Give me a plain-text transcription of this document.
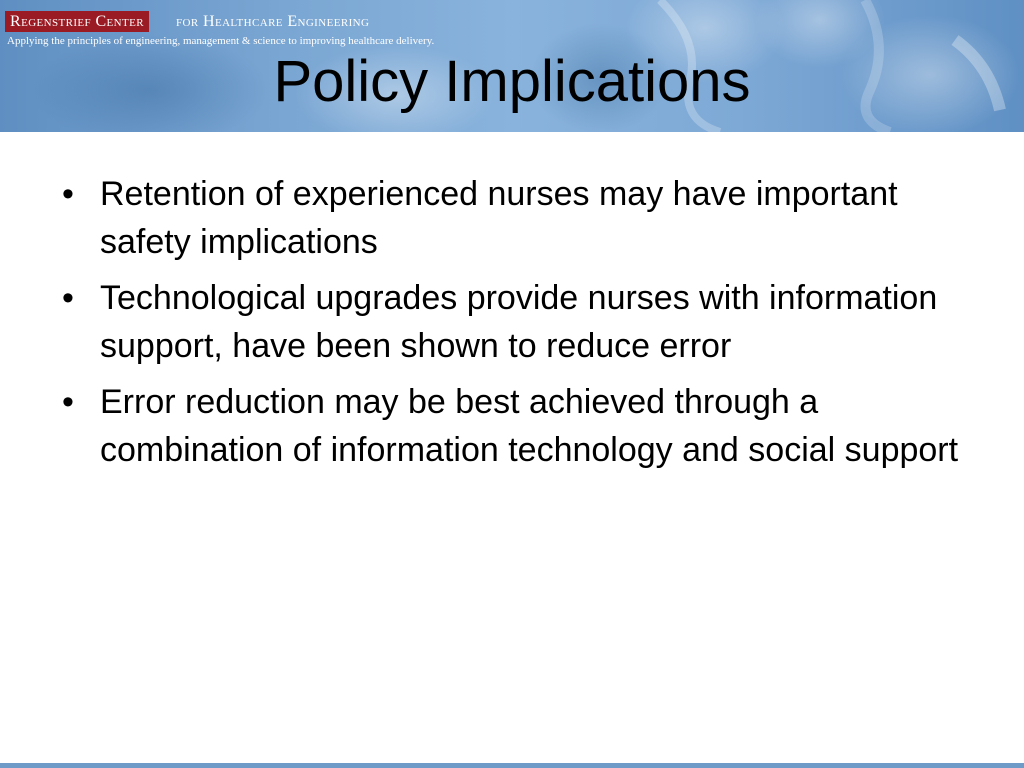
Regenstrief Center	for Healthcare Engineering
Applying the principles of engineering, management & science to improving healthcare delivery.
Policy Implications
• Retention of experienced nurses may have important safety implications
• Technological upgrades provide nurses with information support, have been shown to reduce error
• Error reduction may be best achieved through a combination of information technology and social support
